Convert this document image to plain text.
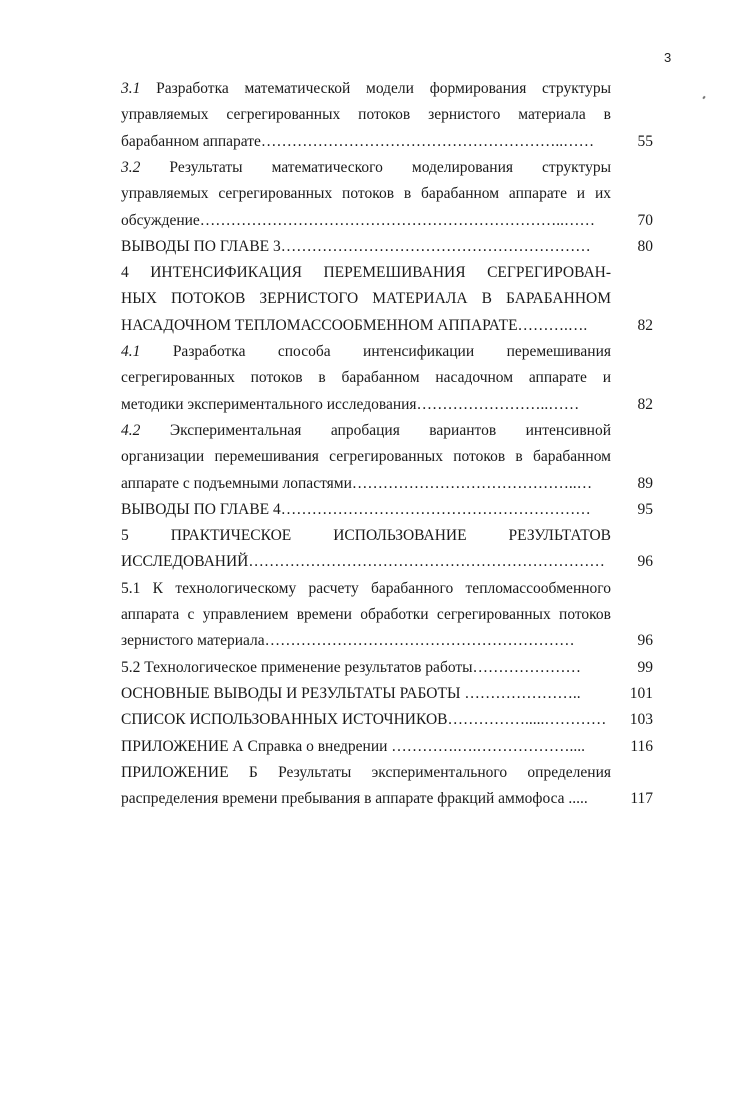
3
3.1 Разработка математической модели формирования структуры
управляемых сегрегированных потоков зернистого материала в
барабанном аппарате…………………………………………………..……	55
3.2 Результаты математического моделирования структуры
управляемых сегрегированных потоков в барабанном аппарате и их
обсуждение……………………………………………………………..……	70
ВЫВОДЫ ПО ГЛАВЕ 3……………………………………………………	80
4 ИНТЕНСИФИКАЦИЯ ПЕРЕМЕШИВАНИЯ СЕГРЕГИРОВАН-
НЫХ ПОТОКОВ ЗЕРНИСТОГО МАТЕРИАЛА В БАРАБАННОМ
НАСАДОЧНОМ ТЕПЛОМАССООБМЕННОМ АППАРАТЕ……….….	82
4.1 Разработка способа интенсификации перемешивания
сегрегированных потоков в барабанном насадочном аппарате и
методики экспериментального исследования……………………..……	82
4.2 Экспериментальная апробация вариантов интенсивной
организации перемешивания сегрегированных потоков в барабанном
аппарате с подъемными лопастями……………………………………..…	89
ВЫВОДЫ ПО ГЛАВЕ 4……………………………………………………	95
5 ПРАКТИЧЕСКОЕ ИСПОЛЬЗОВАНИЕ РЕЗУЛЬТАТОВ
ИССЛЕДОВАНИЙ……………………………………………………………	96
5.1 К технологическому расчету барабанного тепломассообменного
аппарата с управлением времени обработки сегрегированных потоков
зернистого материала……………………………………………………	96
5.2 Технологическое применение результатов работы…………………	99
ОСНОВНЫЕ ВЫВОДЫ И РЕЗУЛЬТАТЫ РАБОТЫ …………………..	101
СПИСОК ИСПОЛЬЗОВАННЫХ ИСТОЧНИКОВ…………….....…………	103
ПРИЛОЖЕНИЕ А Справка о внедрении ………….….………………....	116
ПРИЛОЖЕНИЕ Б Результаты экспериментального определения
распределения времени пребывания в аппарате фракций аммофоса .....	117
